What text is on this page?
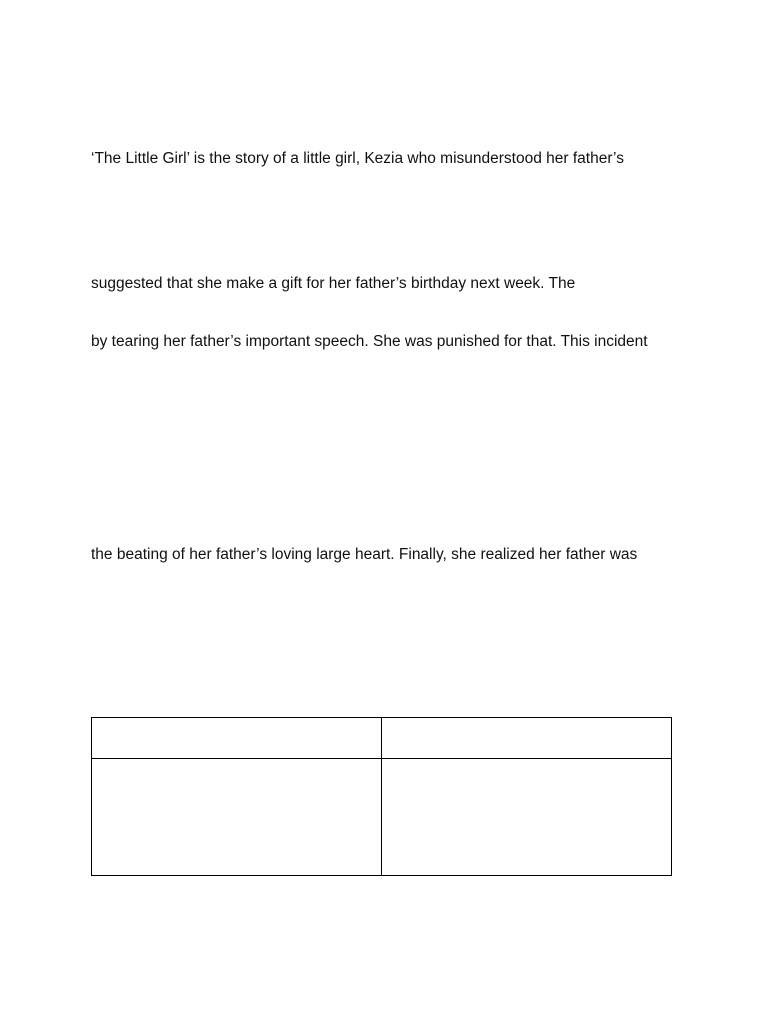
‘The Little Girl’ is the story of a little girl, Kezia who misunderstood her father’s
suggested that she make a gift for her father’s birthday next week. The
by tearing her father’s important speech. She was punished for that. This incident
the beating of her father’s loving large heart. Finally, she realized her father was
